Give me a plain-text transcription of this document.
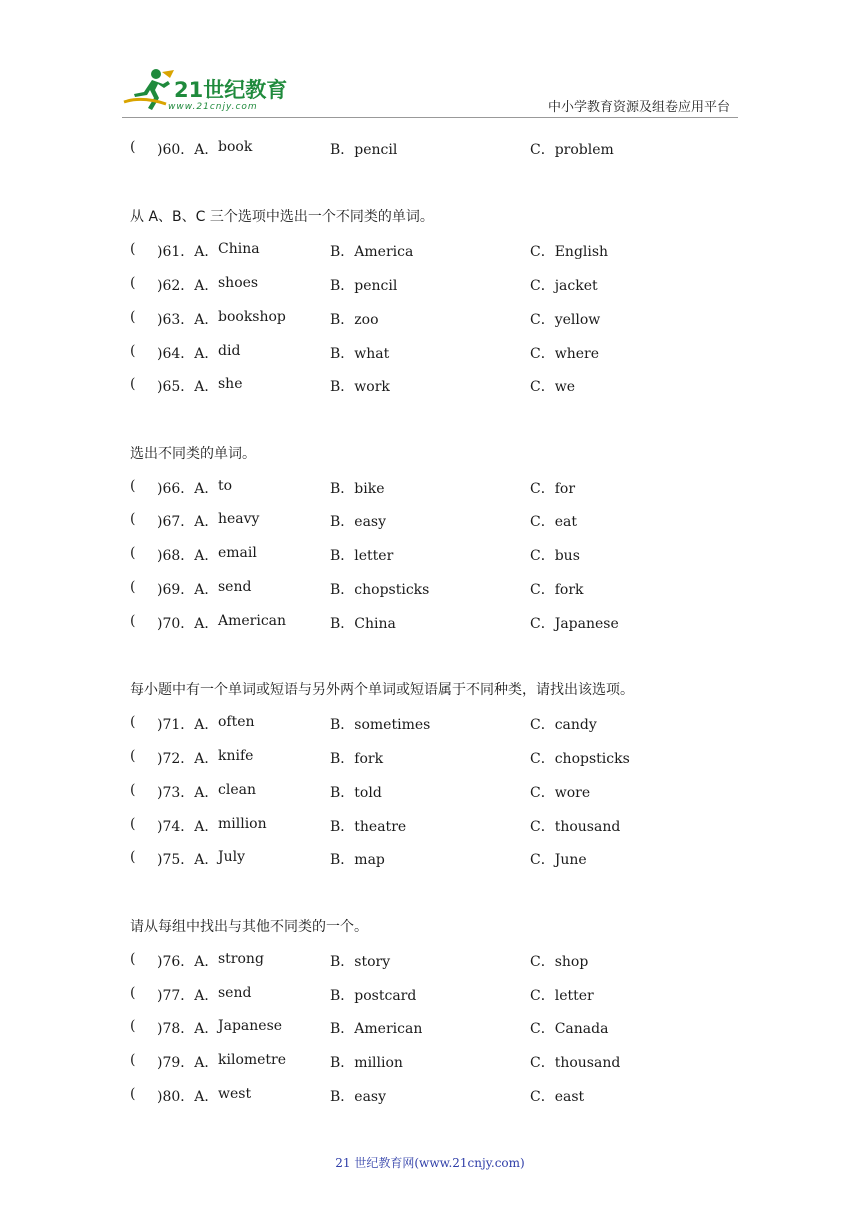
21世纪教育
www.21cnjy.com	中小学教育资源及组卷应用平台
( )60．A． book	B．pencil	C．problem
从 A、B、C 三个选项中选出一个不同类的单词。
( )61．A． China	B．America	C．English
( )62．A． shoes	B．pencil	C．jacket
( )63．A． bookshop	B．zoo	C．yellow
( )64．A． did	B．what	C．where
( )65．A． she	B．work	C．we
选出不同类的单词。
( )66．A． to	B．bike	C．for
( )67．A． heavy	B．easy	C．eat
( )68．A． email	B．letter	C．bus
( )69．A． send	B．chopsticks	C．fork
( )70．A． American	B．China	C．Japanese
每小题中有一个单词或短语与另外两个单词或短语属于不同种类，请找出该选项。
( )71．A． often	B．sometimes	C．candy
( )72．A． knife	B．fork	C．chopsticks
( )73．A． clean	B．told	C．wore
( )74．A． million	B．theatre	C．thousand
( )75．A． July	B．map	C．June
请从每组中找出与其他不同类的一个。
( )76．A． strong	B．story	C．shop
( )77．A． send	B．postcard	C．letter
( )78．A． Japanese	B．American	C．Canada
( )79．A． kilometre	B．million	C．thousand
( )80．A． west	B．easy	C．east
21 世纪教育网(www.21cnjy.com)
